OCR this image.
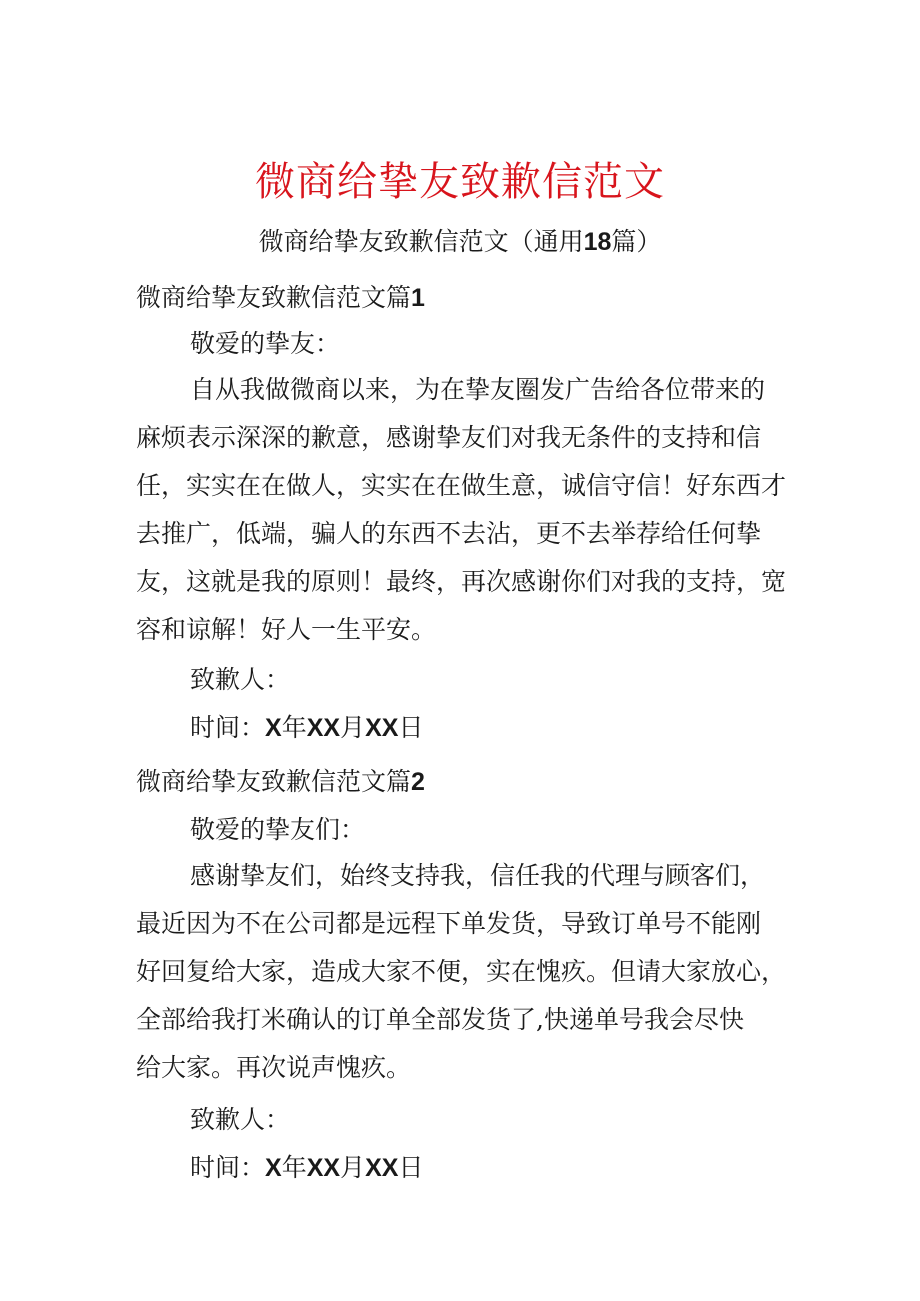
微商给挚友致歉信范文

微商给挚友致歉信范文（通用18篇）

微商给挚友致歉信范文篇1

敬爱的挚友：

自从我做微商以来，为在挚友圈发广告给各位带来的
麻烦表示深深的歉意，感谢挚友们对我无条件的支持和信
任，实实在在做人，实实在在做生意，诚信守信！好东西才
去推广，低端，骗人的东西不去沾，更不去举荐给任何挚
友，这就是我的原则！最终，再次感谢你们对我的支持，宽
容和谅解！好人一生平安。

致歉人：

时间：X年XX月XX日

微商给挚友致歉信范文篇2

敬爱的挚友们：

感谢挚友们，始终支持我，信任我的代理与顾客们，
最近因为不在公司都是远程下单发货，导致订单号不能刚
好回复给大家，造成大家不便，实在愧疚。但请大家放心，
全部给我打米确认的订单全部发货了,快递单号我会尽快
给大家。再次说声愧疚。

致歉人：

时间：X年XX月XX日
